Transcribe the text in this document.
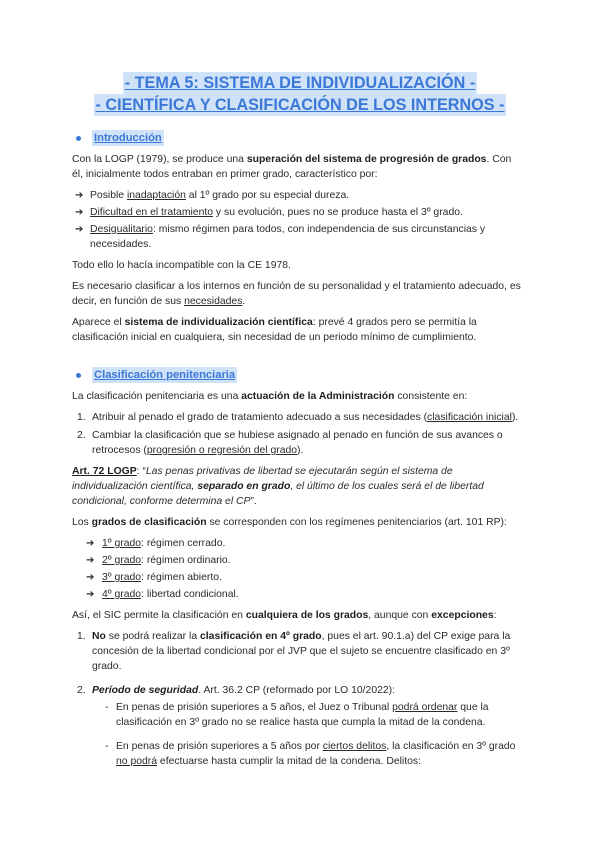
- TEMA 5: SISTEMA DE INDIVIDUALIZACIÓN -
- CIENTÍFICA Y CLASIFICACIÓN DE LOS INTERNOS -
Introducción

Con la LOGP (1979), se produce una superación del sistema de progresión de grados. Con él, inicialmente todos entraban en primer grado, característico por:

➔ Posible inadaptación al 1º grado por su especial dureza.
➔ Dificultad en el tratamiento y su evolución, pues no se produce hasta el 3º grado.
➔ Desigualitario: mismo régimen para todos, con independencia de sus circunstancias y necesidades.

Todo ello lo hacía incompatible con la CE 1978.

Es necesario clasificar a los internos en función de su personalidad y el tratamiento adecuado, es decir, en función de sus necesidades.

Aparece el sistema de individualización científica: prevé 4 grados pero se permitía la clasificación inicial en cualquiera, sin necesidad de un periodo mínimo de cumplimiento.

Clasificación penitenciaria

La clasificación penitenciaria es una actuación de la Administración consistente en:

1. Atribuir al penado el grado de tratamiento adecuado a sus necesidades (clasificación inicial).
2. Cambiar la clasificación que se hubiese asignado al penado en función de sus avances o retrocesos (progresión o regresión del grado).

Art. 72 LOGP: “Las penas privativas de libertad se ejecutarán según el sistema de individualización científica, separado en grado, el último de los cuales será el de libertad condicional, conforme determina el CP”.

Los grados de clasificación se corresponden con los regímenes penitenciarios (art. 101 RP):

➔ 1º grado: régimen cerrado.
➔ 2º grado: régimen ordinario.
➔ 3º grado: régimen abierto.
➔ 4º grado: libertad condicional.

Así, el SIC permite la clasificación en cualquiera de los grados, aunque con excepciones:

1. No se podrá realizar la clasificación en 4º grado, pues el art. 90.1.a) del CP exige para la concesión de la libertad condicional por el JVP que el sujeto se encuentre clasificado en 3º grado.
2. Período de seguridad. Art. 36.2 CP (reformado por LO 10/2022):
- En penas de prisión superiores a 5 años, el Juez o Tribunal podrá ordenar que la clasificación en 3º grado no se realice hasta que cumpla la mitad de la condena.
- En penas de prisión superiores a 5 años por ciertos delitos, la clasificación en 3º grado no podrá efectuarse hasta cumplir la mitad de la condena. Delitos:
